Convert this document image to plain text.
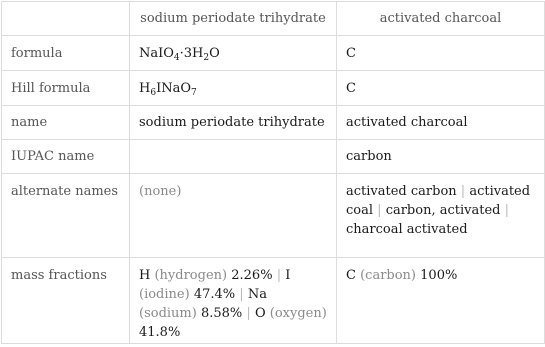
	sodium periodate trihydrate	activated charcoal
formula	$NaIO_4\cdot 3H_2O$	C
Hill formula	$H_6INaO_7$	C
name	sodium periodate trihydrate	activated charcoal
IUPAC name		carbon
alternate names	(none)	activated carbon | activated coal | carbon, activated | charcoal activated
mass fractions	H (hydrogen) 2.26% | I (iodine) 47.4% | Na (sodium) 8.58% | O (oxygen) 41.8%	C (carbon) 100%
